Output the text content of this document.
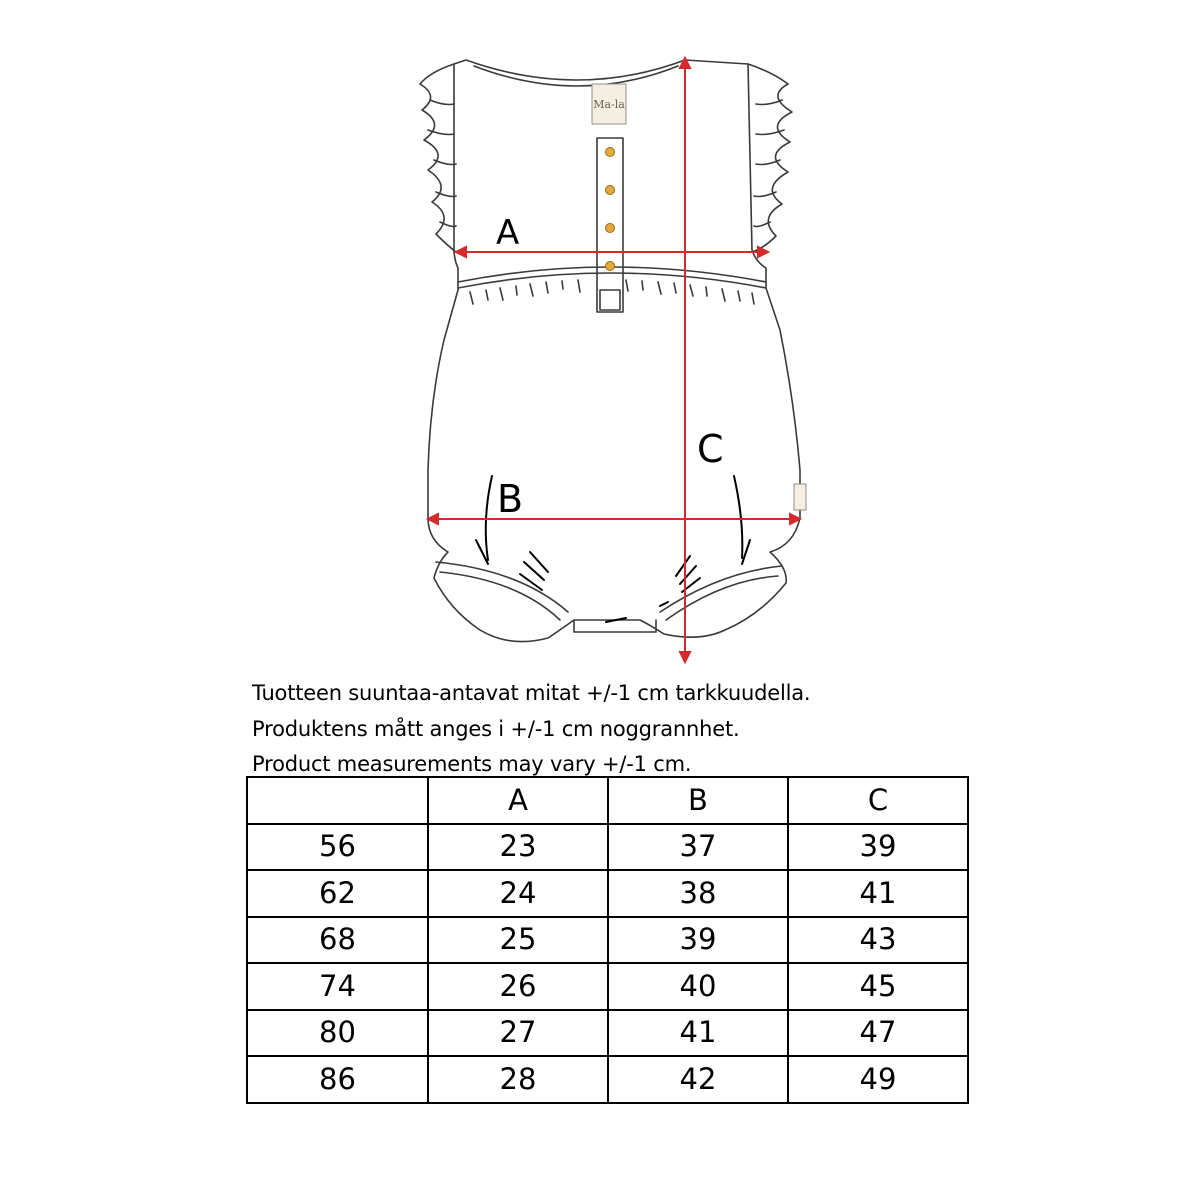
Ma-la
A
B
C
Tuotteen suuntaa-antavat mitat +/-1 cm tarkkuudella.
Produktens mått anges i +/-1 cm noggrannhet.
Product measurements may vary +/-1 cm.
	A	B	C
56	23	37	39
62	24	38	41
68	25	39	43
74	26	40	45
80	27	41	47
86	28	42	49
